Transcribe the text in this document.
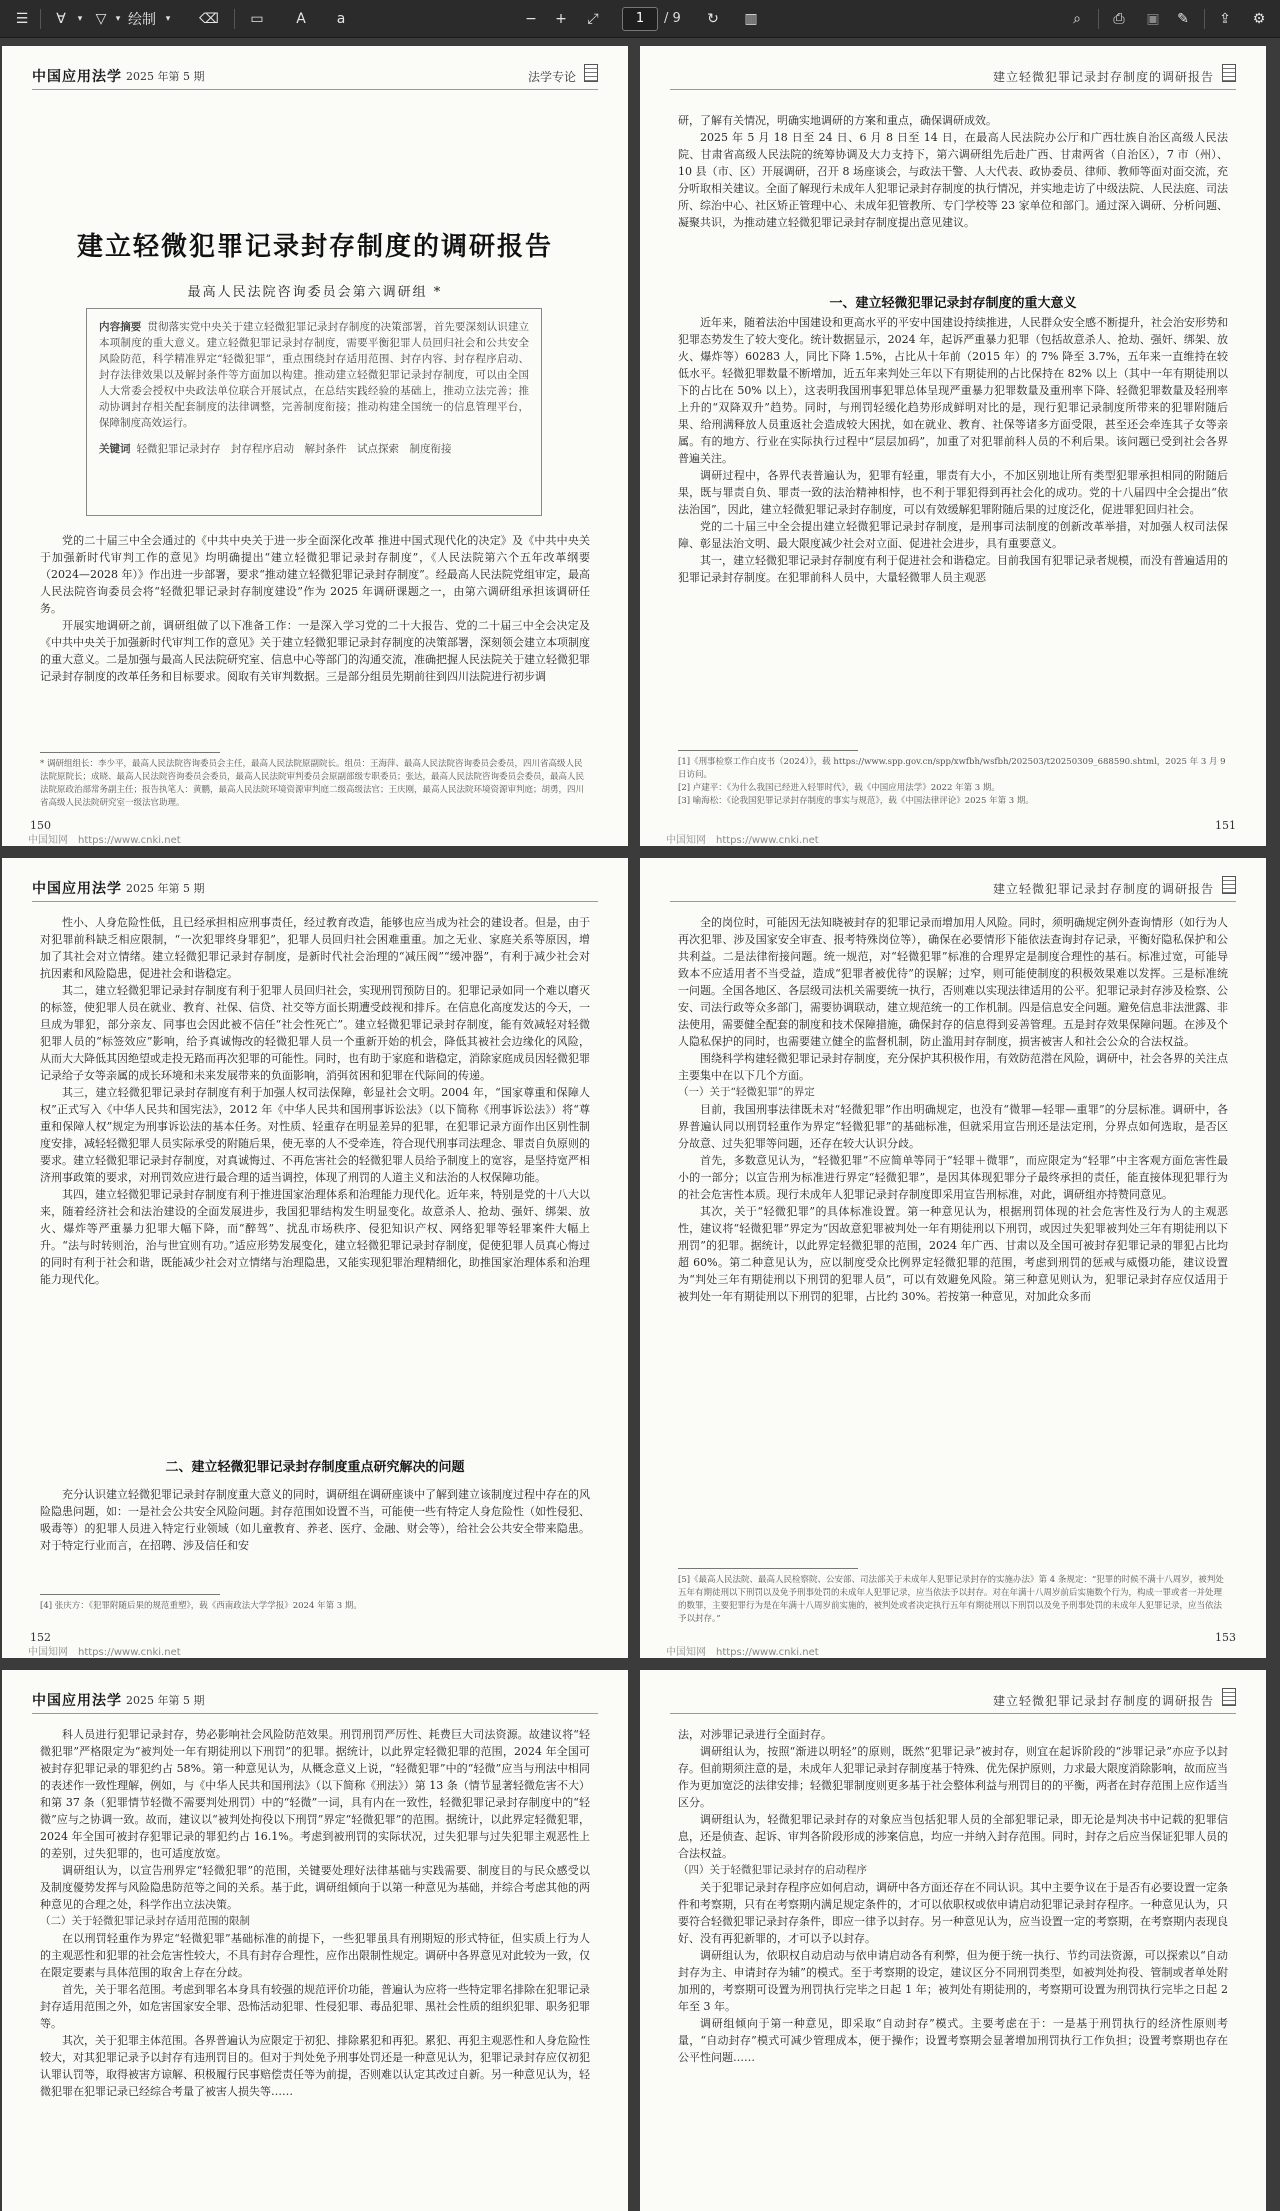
☰	∀	▾ ▽	▾ 绘制	▾ ⌫	▭	A a	−	+	⤢	1	/ 9	↻	▥	⌕	⎙	▣	✎	⇪	⚙
中国应用法学 2025 年第 5 期	法学专论
建立轻微犯罪记录封存制度的调研报告
最高人民法院咨询委员会第六调研组 *
内容摘要 贯彻落实党中央关于建立轻微犯罪记录封存制度的决策部署，首先要深刻认识建立本项制度的重大意义。建立轻微犯罪记录封存制度，需要平衡犯罪人员回归社会和公共安全风险防范，科学精准界定“轻微犯罪”，重点围绕封存适用范围、封存内容、封存程序启动、封存法律效果以及解封条件等方面加以构建。推动建立轻微犯罪记录封存制度，可以由全国人大常委会授权中央政法单位联合开展试点，在总结实践经验的基础上，推动立法完善；推动协调封存相关配套制度的法律调整，完善制度衔接；推动构建全国统一的信息管理平台，保障制度高效运行。
关键词 轻微犯罪记录封存　封存程序启动　解封条件　试点探索　制度衔接

党的二十届三中全会通过的《中共中央关于进一步全面深化改革 推进中国式现代化的决定》及《中共中央关于加强新时代审判工作的意见》均明确提出“建立轻微犯罪记录封存制度”，《人民法院第六个五年改革纲要（2024—2028 年）》作出进一步部署，要求“推动建立轻微犯罪记录封存制度”。经最高人民法院党组审定，最高人民法院咨询委员会将“轻微犯罪记录封存制度建设”作为 2025 年调研课题之一，由第六调研组承担该调研任务。

开展实地调研之前，调研组做了以下准备工作：一是深入学习党的二十大报告、党的二十届三中全会决定及《中共中央关于加强新时代审判工作的意见》关于建立轻微犯罪记录封存制度的决策部署，深刻领会建立本项制度的重大意义。二是加强与最高人民法院研究室、信息中心等部门的沟通交流，准确把握人民法院关于建立轻微犯罪记录封存制度的改革任务和目标要求。阅取有关审判数据。三是部分组员先期前往到四川法院进行初步调

* 调研组组长：李少平，最高人民法院咨询委员会主任，最高人民法院原副院长。组员：王海萍、最高人民法院咨询委员会委员，四川省高级人民法院原院长；成晓、最高人民法院咨询委员会委员，最高人民法院审判委员会原副部级专职委员；张达，最高人民法院咨询委员会委员，最高人民法院原政治部常务副主任；报告执笔人：黄鹏，最高人民法院环境资源审判庭二级高级法官；王庆刚，最高人民法院环境资源审判庭；胡勇，四川省高级人民法院研究室一级法官助理。
150
中国知网　https://www.cnki.net
建立轻微犯罪记录封存制度的调研报告
研，了解有关情况，明确实地调研的方案和重点，确保调研成效。

2025 年 5 月 18 日至 24 日、6 月 8 日至 14 日，在最高人民法院办公厅和广西壮族自治区高级人民法院、甘肃省高级人民法院的统筹协调及大力支持下，第六调研组先后赴广西、甘肃两省（自治区），7 市（州）、10 县（市、区）开展调研，召开 8 场座谈会，与政法干警、人大代表、政协委员、律师、教师等面对面交流，充分听取相关建议。全面了解现行未成年人犯罪记录封存制度的执行情况，并实地走访了中级法院、人民法庭、司法所、综治中心、社区矫正管理中心、未成年犯管教所、专门学校等 23 家单位和部门。通过深入调研、分析问题、凝聚共识，为推动建立轻微犯罪记录封存制度提出意见建议。

一、建立轻微犯罪记录封存制度的重大意义

近年来，随着法治中国建设和更高水平的平安中国建设持续推进，人民群众安全感不断提升，社会治安形势和犯罪态势发生了较大变化。统计数据显示，2024 年，起诉严重暴力犯罪（包括故意杀人、抢劫、强奸、绑架、放火、爆炸等）60283 人，同比下降 1.5%，占比从十年前（2015 年）的 7% 降至 3.7%，五年来一直维持在较低水平。轻微犯罪数量不断增加，近五年来判处三年以下有期徒刑的占比保持在 82% 以上（其中一年有期徒刑以下的占比在 50% 以上），这表明我国刑事犯罪总体呈现严重暴力犯罪数量及重刑率下降、轻微犯罪数量及轻刑率上升的“双降双升”趋势。同时，与刑罚轻缓化趋势形成鲜明对比的是，现行犯罪记录制度所带来的犯罪附随后果、给刑满释放人员重返社会造成较大困扰，如在就业、教育、社保等诸多方面受限，甚至还会牵连其子女等亲属。有的地方、行业在实际执行过程中“层层加码”，加重了对犯罪前科人员的不利后果。该问题已受到社会各界普遍关注。

调研过程中，各界代表普遍认为，犯罪有轻重，罪责有大小，不加区别地让所有类型犯罪承担相同的附随后果，既与罪责自负、罪责一致的法治精神相悖，也不利于罪犯得到再社会化的成功。党的十八届四中全会提出“依法治国”，因此，建立轻微犯罪记录封存制度，可以有效缓解犯罪附随后果的过度泛化，促进罪犯回归社会。

党的二十届三中全会提出建立轻微犯罪记录封存制度，是刑事司法制度的创新改革举措，对加强人权司法保障、彰显法治文明、最大限度减少社会对立面、促进社会进步，具有重要意义。

其一，建立轻微犯罪记录封存制度有利于促进社会和谐稳定。目前我国有犯罪记录者规模，而没有普遍适用的犯罪记录封存制度。在犯罪前科人员中，大量轻微罪人员主观恶

[1]《刑事检察工作白皮书（2024）》，载 https://www.spp.gov.cn/spp/xwfbh/wsfbh/202503/t20250309_688590.shtml，2025 年 3 月 9 日访问。
[2] 卢建平：《为什么我国已经进入轻罪时代》，载《中国应用法学》2022 年第 3 期。
[3] 喻海松：《论我国犯罪记录封存制度的事实与规范》，载《中国法律评论》2025 年第 3 期。
151
中国知网　https://www.cnki.net
中国应用法学 2025 年第 5 期

性小、人身危险性低，且已经承担相应刑事责任，经过教育改造，能够也应当成为社会的建设者。但是，由于对犯罪前科缺乏相应限制，“一次犯罪终身罪犯”，犯罪人员回归社会困难重重。加之无业、家庭关系等原因，增加了其社会对立情绪。建立轻微犯罪记录封存制度，是新时代社会治理的“减压阀”“缓冲器”，有利于减少社会对抗因素和风险隐患，促进社会和谐稳定。

其二，建立轻微犯罪记录封存制度有利于犯罪人员回归社会，实现刑罚预防目的。犯罪记录如同一个难以磨灭的标签，使犯罪人员在就业、教育、社保、信贷、社交等方面长期遭受歧视和排斥。在信息化高度发达的今天，一旦成为罪犯，部分亲友、同事也会因此被不信任“社会性死亡”。建立轻微犯罪记录封存制度，能有效减轻对轻微犯罪人员的“标签效应”影响，给予真诚悔改的轻微犯罪人员一个重新开始的机会，降低其被社会边缘化的风险，从而大大降低其因绝望或走投无路而再次犯罪的可能性。同时，也有助于家庭和谐稳定，消除家庭成员因轻微犯罪记录给子女等亲属的成长环境和未来发展带来的负面影响，消弭贫困和犯罪在代际间的传递。

其三，建立轻微犯罪记录封存制度有利于加强人权司法保障，彰显社会文明。2004 年，“国家尊重和保障人权”正式写入《中华人民共和国宪法》，2012 年《中华人民共和国刑事诉讼法》（以下简称《刑事诉讼法》）将“尊重和保障人权”规定为刑事诉讼法的基本任务。对性质、轻重存在明显差异的犯罪，在犯罪记录方面作出区别性制度安排，减轻轻微犯罪人员实际承受的附随后果，使无辜的人不受牵连，符合现代刑事司法理念、罪责自负原则的要求。建立轻微犯罪记录封存制度，对真诚悔过、不再危害社会的轻微犯罪人员给予制度上的宽容，是坚持宽严相济刑事政策的要求，对刑罚效应进行最合理的适当调控，体现了刑罚的人道主义和法治的人权保障功能。

其四，建立轻微犯罪记录封存制度有利于推进国家治理体系和治理能力现代化。近年来，特别是党的十八大以来，随着经济社会和法治建设的全面发展进步，我国犯罪结构发生明显变化。故意杀人、抢劫、强奸、绑架、放火、爆炸等严重暴力犯罪大幅下降，而“醉驾”、扰乱市场秩序、侵犯知识产权、网络犯罪等轻罪案件大幅上升。“法与时转则治，治与世宜则有功。”适应形势发展变化，建立轻微犯罪记录封存制度，促使犯罪人员真心悔过的同时有利于社会和谐，既能减少社会对立情绪与治理隐患，又能实现犯罪治理精细化，助推国家治理体系和治理能力现代化。

二、建立轻微犯罪记录封存制度重点研究解决的问题

充分认识建立轻微犯罪记录封存制度重大意义的同时，调研组在调研座谈中了解到建立该制度过程中存在的风险隐患问题，如：一是社会公共安全风险问题。封存范围如设置不当，可能使一些有特定人身危险性（如性侵犯、吸毒等）的犯罪人员进入特定行业领域（如儿童教育、养老、医疗、金融、财会等），给社会公共安全带来隐患。对于特定行业而言，在招聘、涉及信任和安

[4] 张庆方：《犯罪附随后果的规范重塑》，载《西南政法大学学报》2024 年第 3 期。
152
中国知网　https://www.cnki.net
建立轻微犯罪记录封存制度的调研报告

全的岗位时，可能因无法知晓被封存的犯罪记录而增加用人风险。同时，须明确规定例外查询情形（如行为人再次犯罪、涉及国家安全审查、报考特殊岗位等），确保在必要情形下能依法查询封存记录，平衡好隐私保护和公共利益。二是法律衔接问题。统一规范，对“轻微犯罪”标准的合理界定是制度合理性的基石。标准过宽，可能导致本不应适用者不当受益，造成“犯罪者被优待”的误解；过窄，则可能使制度的积极效果难以发挥。三是标准统一问题。全国各地区、各层级司法机关需要统一执行，否则难以实现法律适用的公平。犯罪记录封存涉及检察、公安、司法行政等众多部门，需要协调联动，建立规范统一的工作机制。四是信息安全问题。避免信息非法泄露、非法使用，需要健全配套的制度和技术保障措施，确保封存的信息得到妥善管理。五是封存效果保障问题。在涉及个人隐私保护的同时，也需要建立健全的监督机制，防止滥用封存制度，损害被害人和社会公众的合法权益。

围绕科学构建轻微犯罪记录封存制度，充分保护其积极作用，有效防范潜在风险，调研中，社会各界的关注点主要集中在以下几个方面。

（一）关于“轻微犯罪”的界定

目前，我国刑事法律既未对“轻微犯罪”作出明确规定，也没有“微罪—轻罪—重罪”的分层标准。调研中，各界普遍认同以刑罚轻重作为界定“轻微犯罪”的基础标准，但就采用宣告刑还是法定刑，分界点如何选取，是否区分故意、过失犯罪等问题，还存在较大认识分歧。

首先，多数意见认为，“轻微犯罪”不应简单等同于“轻罪＋微罪”，而应限定为“轻罪”中主客观方面危害性最小的一部分；以宣告刑为标准进行界定“轻微犯罪”，是因其体现犯罪分子最终承担的责任，能直接体现犯罪行为的社会危害性本质。现行未成年人犯罪记录封存制度即采用宣告刑标准，对此，调研组亦持赞同意见。

其次，关于“轻微犯罪”的具体标准设置。第一种意见认为，根据刑罚体现的社会危害性及行为人的主观恶性，建议将“轻微犯罪”界定为“因故意犯罪被判处一年有期徒刑以下刑罚，或因过失犯罪被判处三年有期徒刑以下刑罚”的犯罪。据统计，以此界定轻微犯罪的范围，2024 年广西、甘肃以及全国可被封存犯罪记录的罪犯占比均超 60%。第二种意见认为，应以制度受众比例界定轻微犯罪的范围，考虑到刑罚的惩戒与威慑功能，建议设置为“判处三年有期徒刑以下刑罚的犯罪人员”，可以有效避免风险。第三种意见则认为，犯罪记录封存应仅适用于被判处一年有期徒刑以下刑罚的犯罪，占比约 30%。若按第一种意见，对加此众多而

[5]《最高人民法院、最高人民检察院、公安部、司法部关于未成年人犯罪记录封存的实施办法》第 4 条规定：“犯罪的时候不满十八周岁，被判处五年有期徒刑以下刑罚以及免予刑事处罚的未成年人犯罪记录，应当依法予以封存。对在年满十八周岁前后实施数个行为，构成一罪或者一并处理的数罪，主要犯罪行为是在年满十八周岁前实施的，被判处或者决定执行五年有期徒刑以下刑罚以及免予刑事处罚的未成年人犯罪记录，应当依法予以封存。”
153
中国知网　https://www.cnki.net
中国应用法学 2025 年第 5 期

科人员进行犯罪记录封存，势必影响社会风险防范效果。刑罚刑罚严厉性、耗费巨大司法资源。故建议将“轻微犯罪”严格限定为“被判处一年有期徒刑以下刑罚”的犯罪。据统计，以此界定轻微犯罪的范围，2024 年全国可被封存犯罪记录的罪犯约占 58%。第一种意见认为，从概念意义上说，“轻微犯罪”中的“轻微”应当与刑法中相同的表述作一致性理解，例如，与《中华人民共和国刑法》（以下简称《刑法》）第 13 条（情节显著轻微危害不大）和第 37 条（犯罪情节轻微不需要判处刑罚）中的“轻微”一词，具有内在一致性，轻微犯罪记录封存制度中的“轻微”应与之协调一致。故而，建议以“被判处拘役以下刑罚”界定“轻微犯罪”的范围。据统计，以此界定轻微犯罪，2024 年全国可被封存犯罪记录的罪犯约占 16.1%。考虑到被刑罚的实际状况，过失犯罪与过失犯罪主观恶性上的差别，过失犯罪的，也可适度放宽。

调研组认为，以宣告刑界定“轻微犯罪”的范围，关键要处理好法律基础与实践需要、制度目的与民众感受以及制度優势发挥与风险隐患防范等之间的关系。基于此，调研组倾向于以第一种意见为基础，并综合考虑其他的两种意见的合理之处，科学作出立法决策。

（二）关于轻微犯罪记录封存适用范围的限制

在以刑罚轻重作为界定“轻微犯罪”基础标准的前提下，一些犯罪虽具有刑期短的形式特征，但实质上行为人的主观恶性和犯罪的社会危害性较大，不具有封存合理性，应作出限制性规定。调研中各界意见对此较为一致，仅在限定要素与具体范围的取舍上存在分歧。

首先，关于罪名范围。考虑到罪名本身具有较强的规范评价功能，普遍认为应将一些特定罪名排除在犯罪记录封存适用范围之外，如危害国家安全罪、恐怖活动犯罪、性侵犯罪、毒品犯罪、黑社会性质的组织犯罪、职务犯罪等。

其次，关于犯罪主体范围。各界普遍认为应限定于初犯、排除累犯和再犯。累犯、再犯主观恶性和人身危险性较大，对其犯罪记录予以封存有违刑罚目的。但对于判处免予刑事处罚还是一种意见认为，犯罪记录封存应仅初犯认罪认罚等，取得被害方谅解、积极履行民事赔偿责任等为前提，否则难以认定其改过自新。另一种意见认为，轻微犯罪在犯罪记录已经综合考量了被害人损失等……

建立轻微犯罪记录封存制度的调研报告
法，对涉罪记录进行全面封存。

调研组认为，按照“渐进以明轻”的原则，既然“犯罪记录”被封存，则宜在起诉阶段的“涉罪记录”亦应予以封存。但前期须注意的是，未成年人犯罪记录封存制度基于特殊、优先保护原则，力求最大限度消除影响，故而应当作为更加宽泛的法律安排；轻微犯罪制度则更多基于社会整体利益与刑罚目的的平衡，两者在封存范围上应作适当区分。

调研组认为，轻微犯罪记录封存的对象应当包括犯罪人员的全部犯罪记录，即无论是判决书中记载的犯罪信息，还是侦查、起诉、审判各阶段形成的涉案信息，均应一并纳入封存范围。同时，封存之后应当保证犯罪人员的合法权益。

（四）关于轻微犯罪记录封存的启动程序

关于犯罪记录封存程序应如何启动，调研中各方面还存在不同认识。其中主要争议在于是否有必要设置一定条件和考察期，只有在考察期内满足规定条件的，才可以依职权或依申请启动犯罪记录封存程序。一种意见认为，只要符合轻微犯罪记录封存条件，即应一律予以封存。另一种意见认为，应当设置一定的考察期，在考察期内表现良好、没有再犯新罪的，才可以予以封存。

调研组认为，依职权自动启动与依申请启动各有利弊，但为便于统一执行、节约司法资源，可以探索以“自动封存为主、申请封存为辅”的模式。至于考察期的设定，建议区分不同刑罚类型，如被判处拘役、管制或者单处附加刑的，考察期可设置为刑罚执行完毕之日起 1 年；被判处有期徒刑的，考察期可设置为刑罚执行完毕之日起 2 年至 3 年。

调研组倾向于第一种意见，即采取“自动封存”模式。主要考虑在于：一是基于刑罚执行的经济性原则考量，“自动封存”模式可减少管理成本，便于操作；设置考察期会显著增加刑罚执行工作负担；设置考察期也存在公平性问题……
